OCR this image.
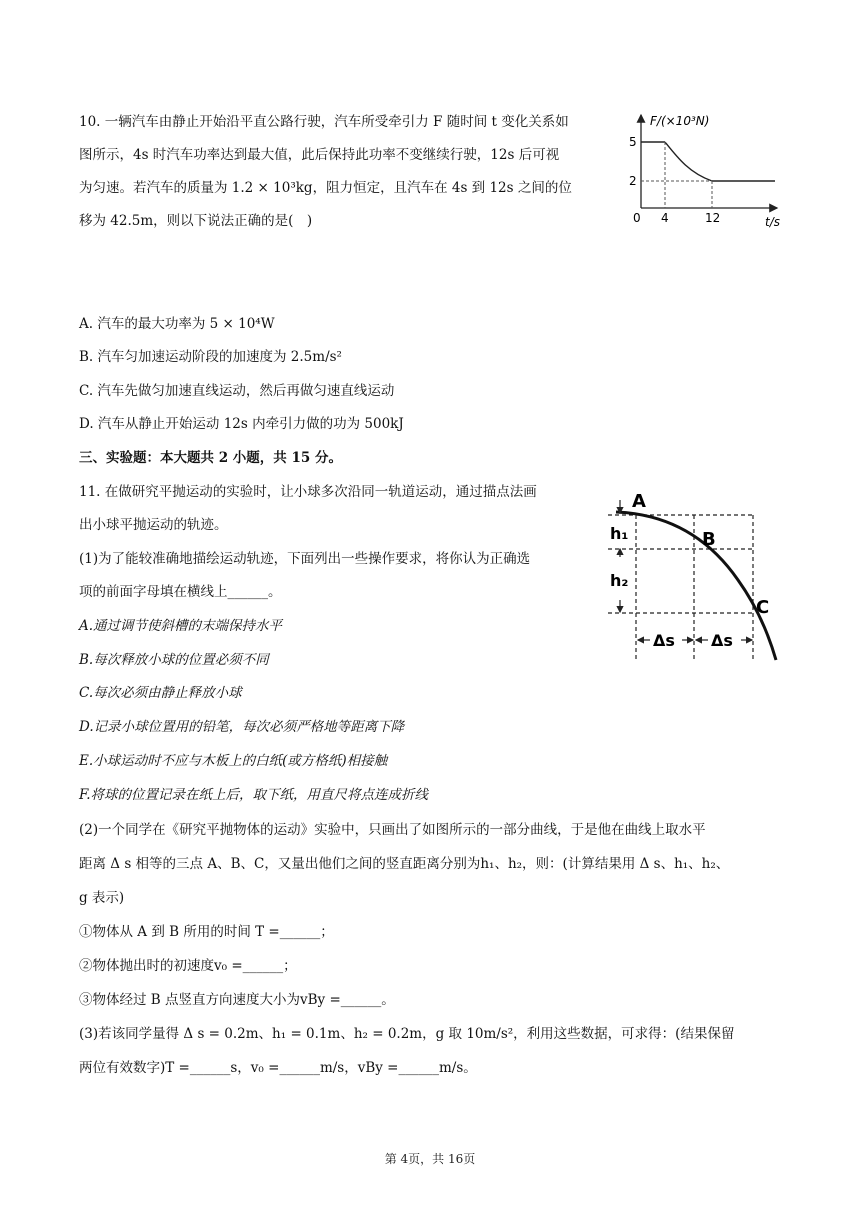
10. 一辆汽车由静止开始沿平直公路行驶，汽车所受牵引力 F 随时间 t 变化关系如
图所示，4s 时汽车功率达到最大值，此后保持此功率不变继续行驶，12s 后可视
为匀速。若汽车的质量为 1.2 × 10³kg，阻力恒定，且汽车在 4s 到 12s 之间的位
移为 42.5m，则以下说法正确的是(　)
F/(×10³N)
t/s
0 4	12
5
2
A. 汽车的最大功率为 5 × 10⁴W
B. 汽车匀加速运动阶段的加速度为 2.5m/s²
C. 汽车先做匀加速直线运动，然后再做匀速直线运动
D. 汽车从静止开始运动 12s 内牵引力做的功为 500kJ
三、实验题：本大题共 2 小题，共 15 分。
11. 在做研究平抛运动的实验时，让小球多次沿同一轨道运动，通过描点法画
出小球平抛运动的轨迹。
(1)为了能较准确地描绘运动轨迹，下面列出一些操作要求，将你认为正确选
项的前面字母填在横线上______。
A.通过调节使斜槽的末端保持水平
B.每次释放小球的位置必须不同
C.每次必须由静止释放小球
D.记录小球位置用的铅笔，每次必须严格地等距离下降
E.小球运动时不应与木板上的白纸(或方格纸)相接触
F.将球的位置记录在纸上后，取下纸，用直尺将点连成折线
A
B
C
h₁
h₂
Δs Δs
(2)一个同学在《研究平抛物体的运动》实验中，只画出了如图所示的一部分曲线，于是他在曲线上取水平
距离 Δ s 相等的三点 A、B、C，又量出他们之间的竖直距离分别为h₁、h₂，则：(计算结果用 Δ s、h₁、h₂、
g 表示)
①物体从 A 到 B 所用的时间 T =______；
②物体抛出时的初速度v₀ =______；
③物体经过 B 点竖直方向速度大小为vBy =______。
(3)若该同学量得 Δ s = 0.2m、h₁ = 0.1m、h₂ = 0.2m，g 取 10m/s²，利用这些数据，可求得：(结果保留
两位有效数字)T =______s，v₀ =______m/s，vBy =______m/s。
第 4页，共 16页
